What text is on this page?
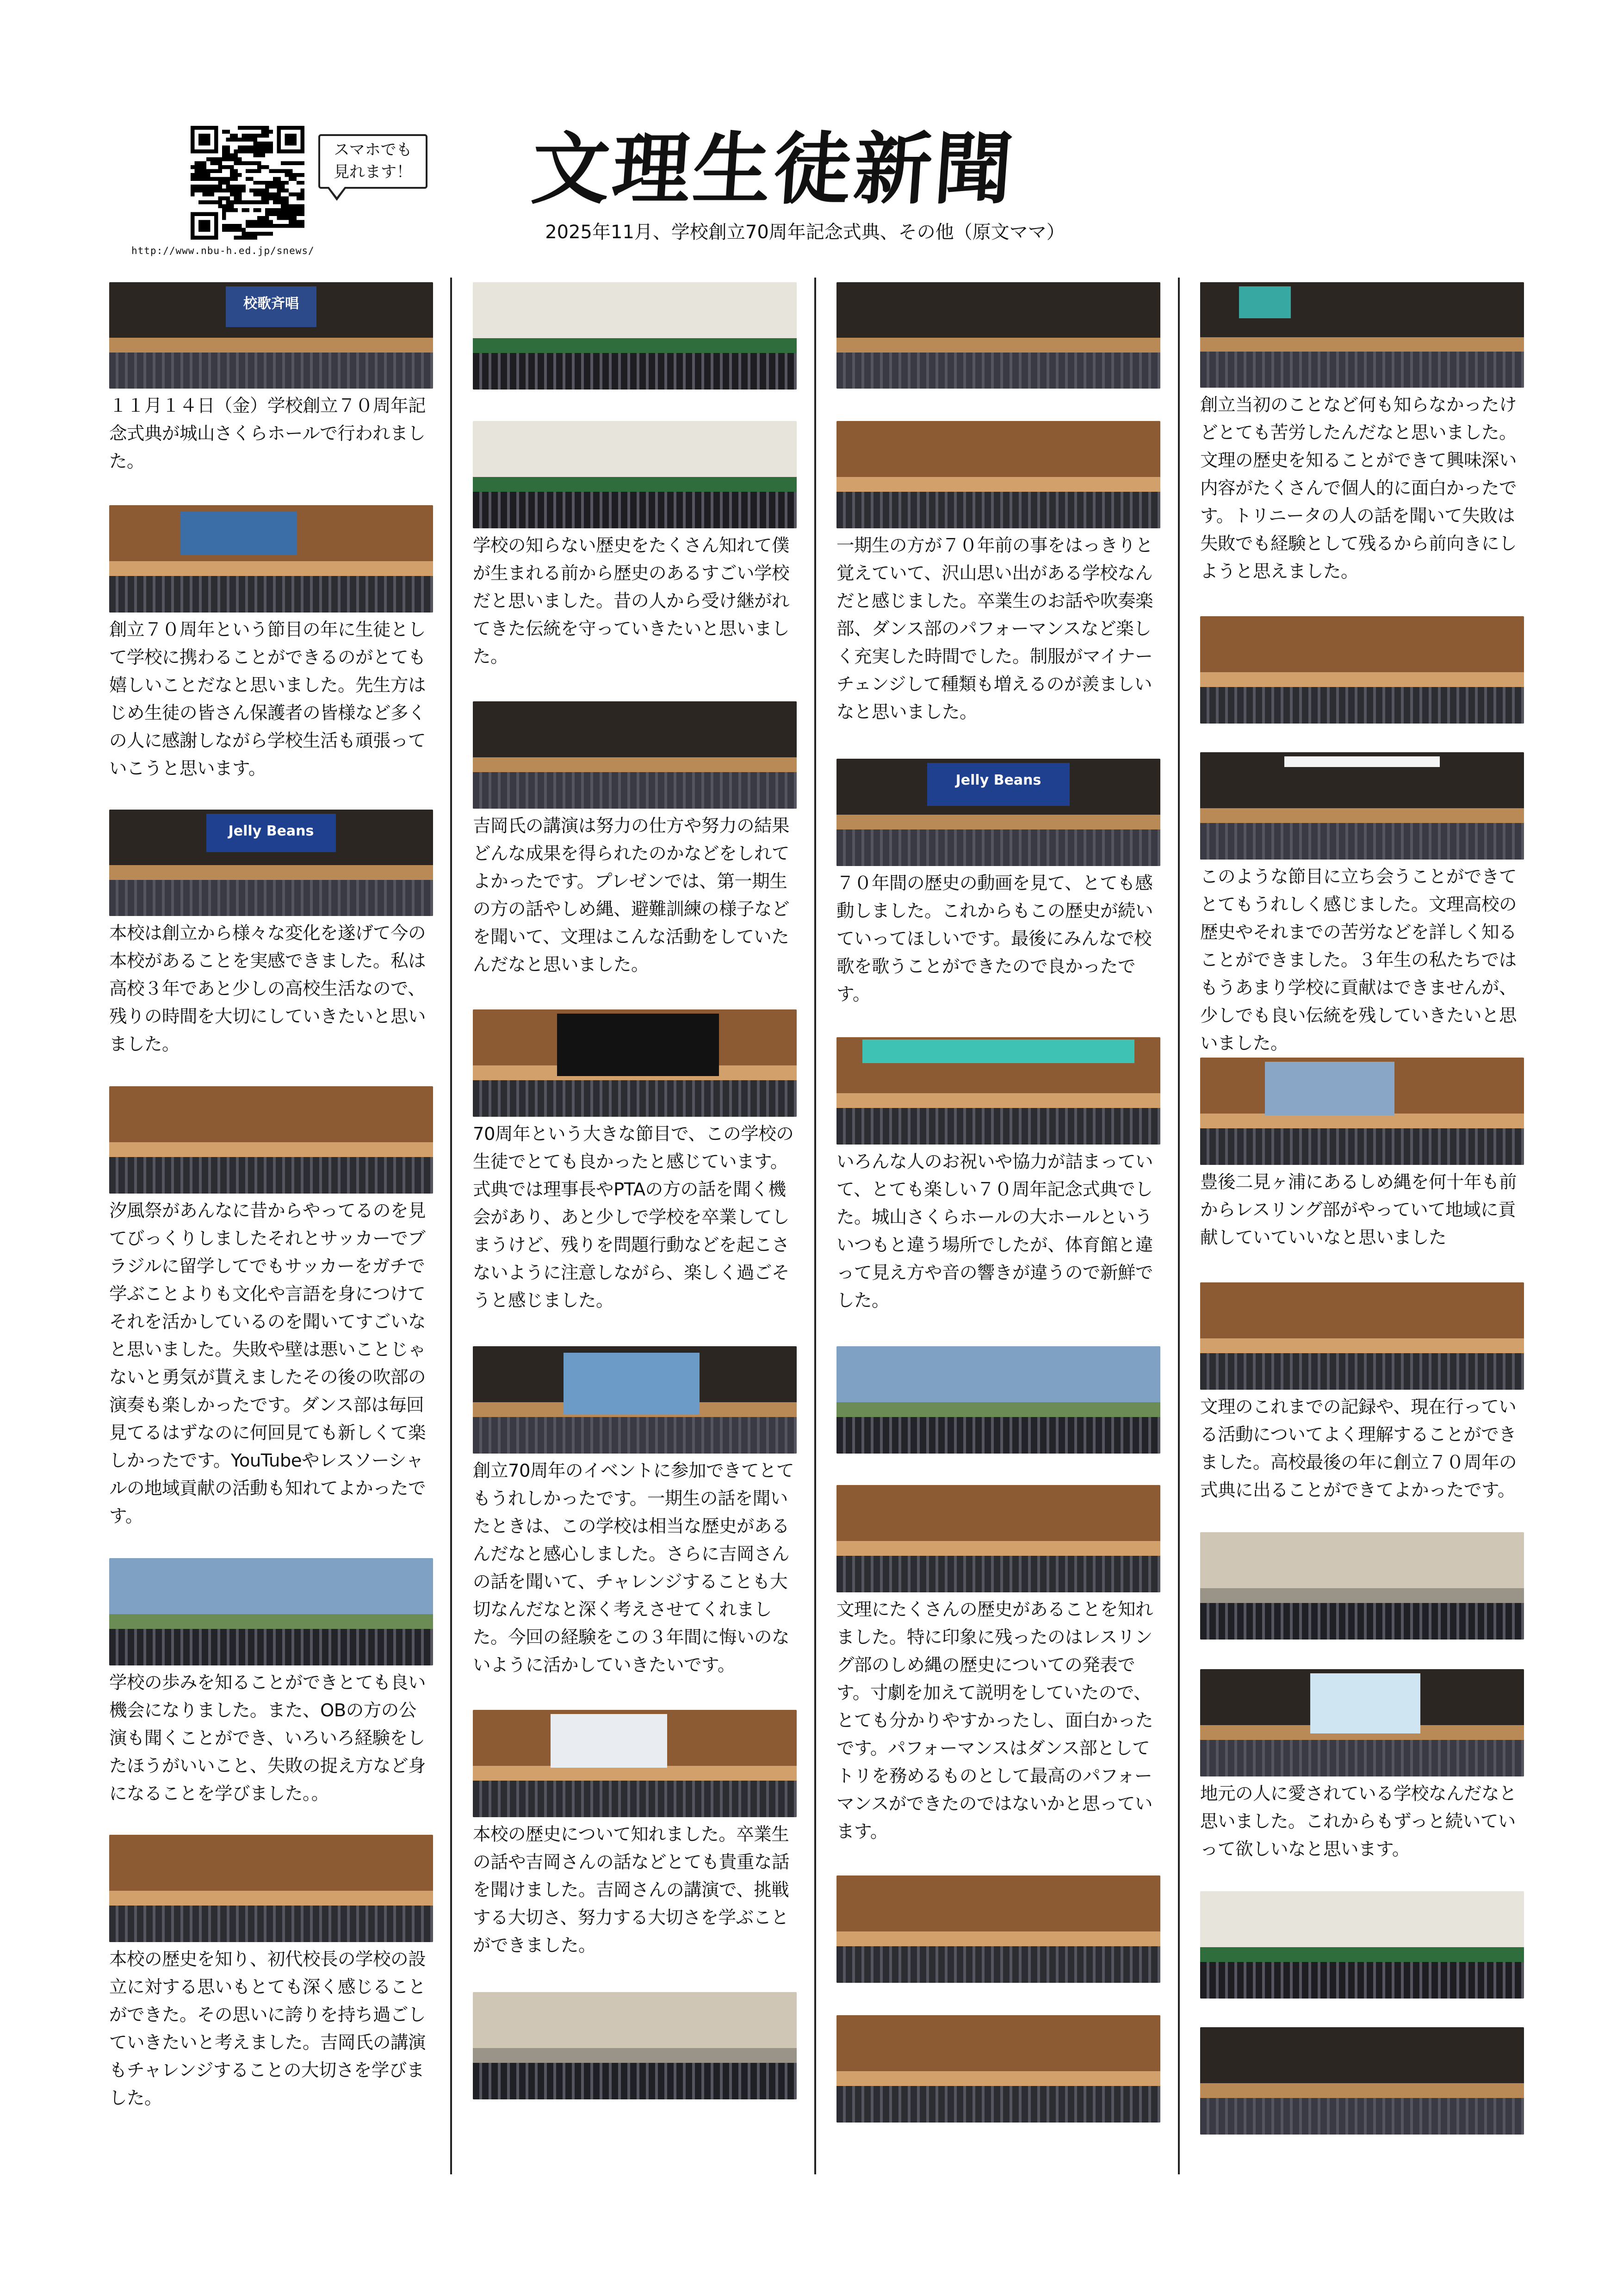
http://www.nbu-h.ed.jp/snews/
スマホでも
見れます！ 文理生徒新聞
2025年11月、学校創立70周年記念式典、その他（原文ママ）
校歌斉唱

１１月１４日（金）学校創立７０周年記念式典が城山さくらホールで行われました。

創立７０周年という節目の年に生徒として学校に携わることができるのがとても嬉しいことだなと思いました。先生方はじめ生徒の皆さん保護者の皆様など多くの人に感謝しながら学校生活も頑張っていこうと思います。

Jelly Beans

本校は創立から様々な変化を遂げて今の本校があることを実感できました。私は高校３年であと少しの高校生活なので、残りの時間を大切にしていきたいと思いました。

汐風祭があんなに昔からやってるのを見てびっくりしましたそれとサッカーでブラジルに留学してでもサッカーをガチで学ぶことよりも文化や言語を身につけてそれを活かしているのを聞いてすごいなと思いました。失敗や壁は悪いことじゃないと勇気が貰えましたその後の吹部の演奏も楽しかったです。ダンス部は毎回見てるはずなのに何回見ても新しくて楽しかったです。YouTubeやレスソーシャルの地域貢献の活動も知れてよかったです。

学校の歩みを知ることができとても良い機会になりました。また、OBの方の公演も聞くことができ、いろいろ経験をしたほうがいいこと、失敗の捉え方など身になることを学びました。。

本校の歴史を知り、初代校長の学校の設立に対する思いもとても深く感じることができた。その思いに誇りを持ち過ごしていきたいと考えました。吉岡氏の講演もチャレンジすることの大切さを学びました。

学校の知らない歴史をたくさん知れて僕が生まれる前から歴史のあるすごい学校だと思いました。昔の人から受け継がれてきた伝統を守っていきたいと思いました。

吉岡氏の講演は努力の仕方や努力の結果どんな成果を得られたのかなどをしれてよかったです。プレゼンでは、第一期生の方の話やしめ縄、避難訓練の様子などを聞いて、文理はこんな活動をしていたんだなと思いました。

70周年という大きな節目で、この学校の生徒でとても良かったと感じています。式典では理事長やPTAの方の話を聞く機会があり、あと少しで学校を卒業してしまうけど、残りを問題行動などを起こさないように注意しながら、楽しく過ごそうと感じました。

創立70周年のイベントに参加できてとてもうれしかったです。一期生の話を聞いたときは、この学校は相当な歴史があるんだなと感心しました。さらに吉岡さんの話を聞いて、チャレンジすることも大切なんだなと深く考えさせてくれました。今回の経験をこの３年間に悔いのないように活かしていきたいです。

本校の歴史について知れました。卒業生の話や吉岡さんの話などとても貴重な話を聞けました。吉岡さんの講演で、挑戦する大切さ、努力する大切さを学ぶことができました。

一期生の方が７０年前の事をはっきりと覚えていて、沢山思い出がある学校なんだと感じました。卒業生のお話や吹奏楽部、ダンス部のパフォーマンスなど楽しく充実した時間でした。制服がマイナーチェンジして種類も増えるのが羨ましいなと思いました。

Jelly Beans

７０年間の歴史の動画を見て、とても感動しました。これからもこの歴史が続いていってほしいです。最後にみんなで校歌を歌うことができたので良かったです。

いろんな人のお祝いや協力が詰まっていて、とても楽しい７０周年記念式典でした。城山さくらホールの大ホールといういつもと違う場所でしたが、体育館と違って見え方や音の響きが違うので新鮮でした。

文理にたくさんの歴史があることを知れました。特に印象に残ったのはレスリング部のしめ縄の歴史についての発表です。寸劇を加えて説明をしていたので、とても分かりやすかったし、面白かったです。パフォーマンスはダンス部としてトリを務めるものとして最高のパフォーマンスができたのではないかと思っています。

創立当初のことなど何も知らなかったけどとても苦労したんだなと思いました。文理の歴史を知ることができて興味深い内容がたくさんで個人的に面白かったです。トリニータの人の話を聞いて失敗は失敗でも経験として残るから前向きにしようと思えました。

このような節目に立ち会うことができてとてもうれしく感じました。文理高校の歴史やそれまでの苦労などを詳しく知ることができました。３年生の私たちではもうあまり学校に貢献はできませんが、少しでも良い伝統を残していきたいと思いました。

豊後二見ヶ浦にあるしめ縄を何十年も前からレスリング部がやっていて地域に貢献していていいなと思いました

文理のこれまでの記録や、現在行っている活動についてよく理解することができました。高校最後の年に創立７０周年の式典に出ることができてよかったです。

地元の人に愛されている学校なんだなと思いました。これからもずっと続いていって欲しいなと思います。
